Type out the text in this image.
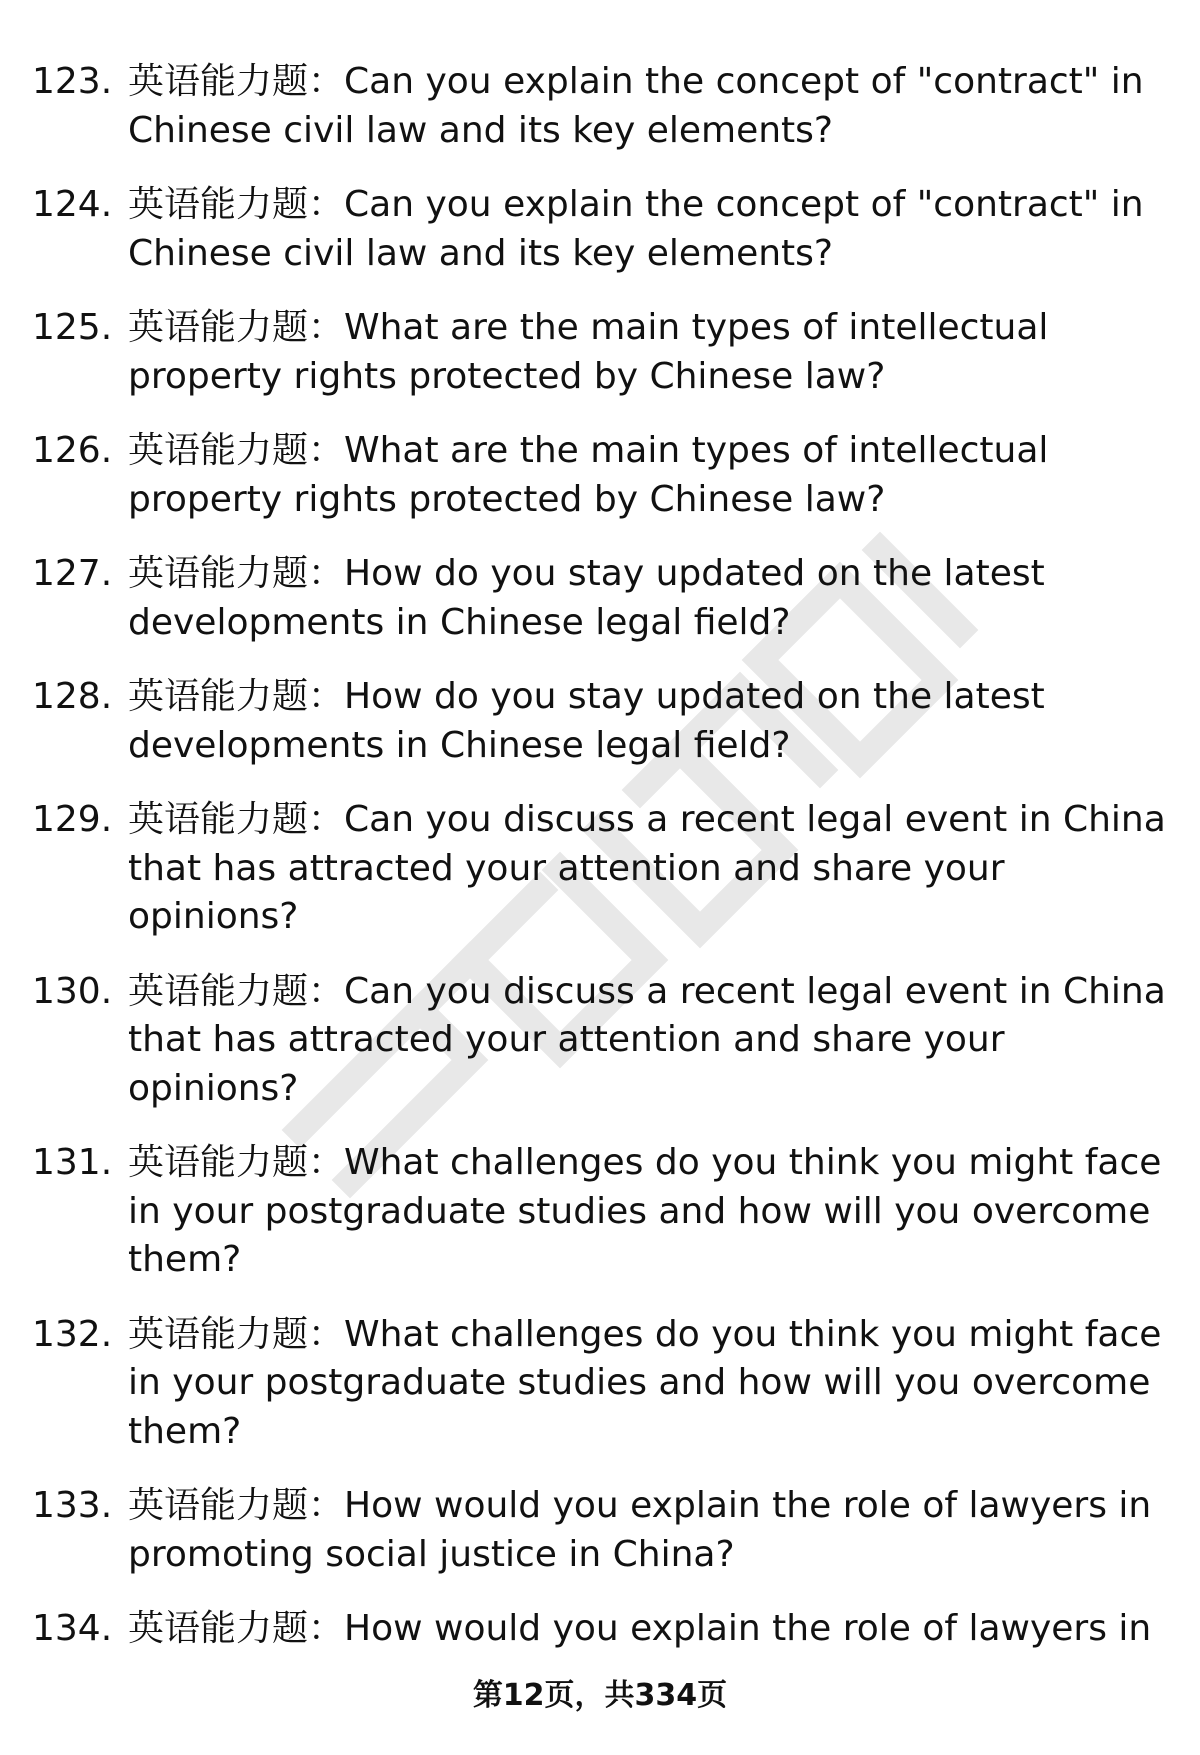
123. 英语能力题：Can you explain the concept of "contract" in Chinese civil law and its key elements?
124. 英语能力题：Can you explain the concept of "contract" in Chinese civil law and its key elements?
125. 英语能力题：What are the main types of intellectual property rights protected by Chinese law?
126. 英语能力题：What are the main types of intellectual property rights protected by Chinese law?
127. 英语能力题：How do you stay updated on the latest developments in Chinese legal field?
128. 英语能力题：How do you stay updated on the latest developments in Chinese legal field?
129. 英语能力题：Can you discuss a recent legal event in China that has attracted your attention and share your opinions?
130. 英语能力题：Can you discuss a recent legal event in China that has attracted your attention and share your opinions?
131. 英语能力题：What challenges do you think you might face in your postgraduate studies and how will you overcome them?
132. 英语能力题：What challenges do you think you might face in your postgraduate studies and how will you overcome them?
133. 英语能力题：How would you explain the role of lawyers in promoting social justice in China?
134. 英语能力题：How would you explain the role of lawyers in
第12页，共334页
